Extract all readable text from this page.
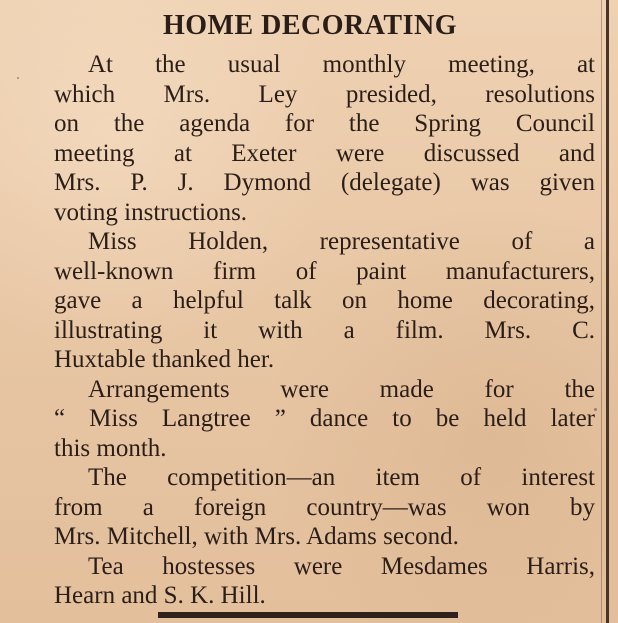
HOME DECORATING
At the usual monthly meeting, at
which Mrs. Ley presided, resolutions
on the agenda for the Spring Council
meeting at Exeter were discussed and
Mrs. P. J. Dymond (delegate) was given
voting instructions.
Miss Holden, representative of a
well-known firm of paint manufacturers,
gave a helpful talk on home decorating,
illustrating it with a film. Mrs. C.
Huxtable thanked her.
Arrangements were made for the
“ Miss Langtree ” dance to be held later
this month.
The competition—an item of interest
from a foreign country—was won by
Mrs. Mitchell, with Mrs. Adams second.
Tea hostesses were Mesdames Harris,
Hearn and S. K. Hill.
